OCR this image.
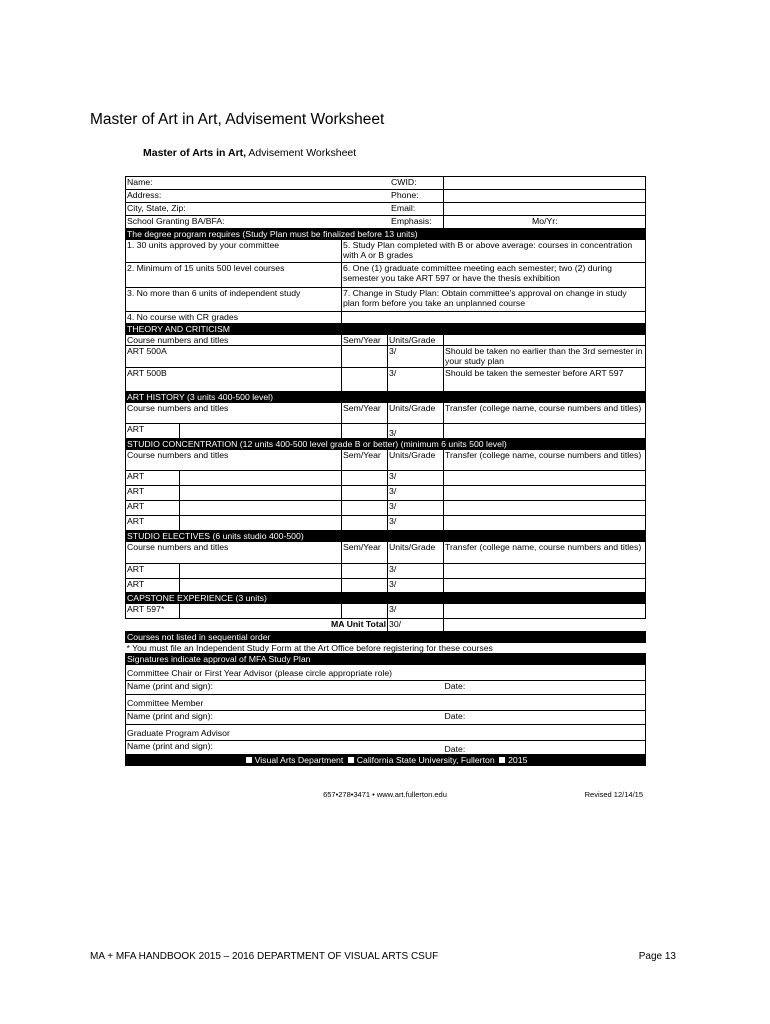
Master of Art in Art, Advisement Worksheet
Master of Arts in Art, Advisement Worksheet
Name:				CWID:
Address:				Phone:
City, State, Zip:				Email:
School Granting BA/BFA:				Emphasis: Mo/Yr:

The degree program requires (Study Plan must be finalized before 13 units)				
1. 30 units approved by your committee		5. Study Plan completed with B or above average: courses in concentration with A or B grades		
2. Minimum of 15 units 500 level courses		6. One (1) graduate committee meeting each semester; two (2) during semester you take ART 597 or have the thesis exhibition		
3. No more than 6 units of independent study		7. Change in Study Plan: Obtain committee's approval on change in study plan form before you take an unplanned course		
4. No course with CR grades				
THEORY AND CRITICISM				
Course numbers and titles		Sem/Year	Units/Grade	
ART 500A			3/	Should be taken no earlier than the 3rd semester in your study plan
ART 500B			3/	Should be taken the semester before ART 597
ART HISTORY (3 units 400-500 level)				
Course numbers and titles		Sem/Year	Units/Grade	Transfer (college name, course numbers and titles)
ART			3/	
STUDIO CONCENTRATION (12 units 400-500 level grade B or better) (minimum 6 units 500 level)				
Course numbers and titles		Sem/Year	Units/Grade	Transfer (college name, course numbers and titles)
ART			3/	
ART			3/	
ART			3/	
ART			3/	
STUDIO ELECTIVES (6 units studio 400-500)				
Course numbers and titles		Sem/Year	Units/Grade	Transfer (college name, course numbers and titles)
ART			3/	
ART			3/	
CAPSTONE EXPERIENCE (3 units)				
ART 597*			3/	
MA Unit Total			30/	
Courses not listed in sequential order				
* You must file an Independent Study Form at the Art Office before registering for these courses				
Signatures indicate approval of MFA Study Plan				
Committee Chair or First Year Advisor (please circle appropriate role)				
Name (print and sign):				Date:
Committee Member				
Name (print and sign):				Date:
Graduate Program Advisor				
Name (print and sign):				Date:
Visual Arts Department California State University, Fullerton 2015				
657•278•3471 • www.art.fullerton.edu	Revised 12/14/15
MA + MFA HANDBOOK 2015 – 2016 DEPARTMENT OF VISUAL ARTS CSUF	Page 13
